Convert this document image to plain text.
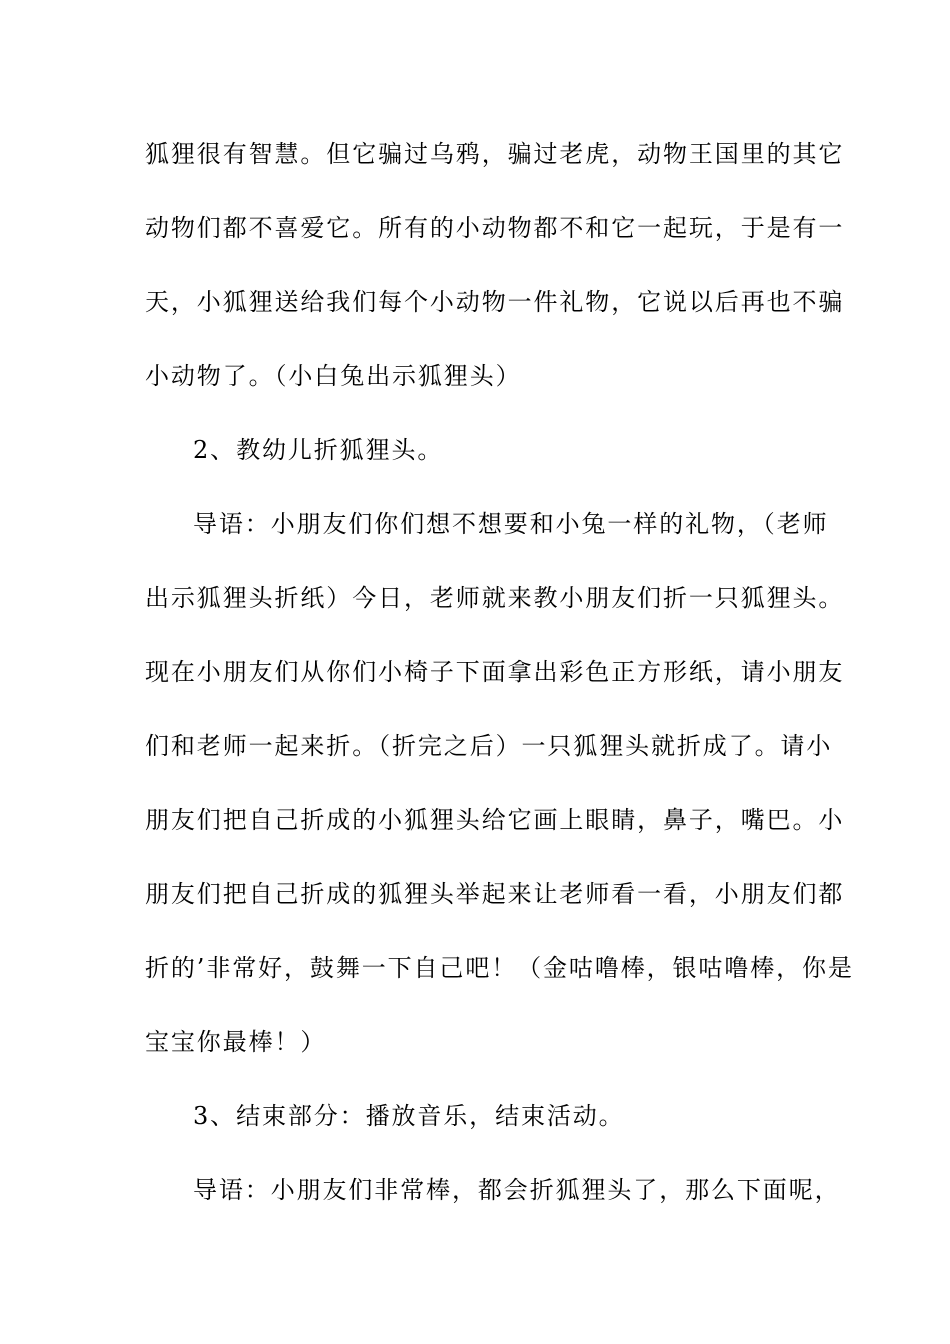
狐狸很有智慧。但它骗过乌鸦，骗过老虎，动物王国里的其它
动物们都不喜爱它。所有的小动物都不和它一起玩，于是有一
天，小狐狸送给我们每个小动物一件礼物，它说以后再也不骗
小动物了。（小白兔出示狐狸头）
2、教幼儿折狐狸头。
导语：小朋友们你们想不想要和小兔一样的礼物，（老师
出示狐狸头折纸）今日，老师就来教小朋友们折一只狐狸头。
现在小朋友们从你们小椅子下面拿出彩色正方形纸，请小朋友
们和老师一起来折。（折完之后）一只狐狸头就折成了。请小
朋友们把自己折成的小狐狸头给它画上眼睛，鼻子，嘴巴。小
朋友们把自己折成的狐狸头举起来让老师看一看，小朋友们都
折的’非常好，鼓舞一下自己吧！（金咕噜棒，银咕噜棒，你是
宝宝你最棒！）
3、结束部分：播放音乐，结束活动。
导语：小朋友们非常棒，都会折狐狸头了，那么下面呢，
